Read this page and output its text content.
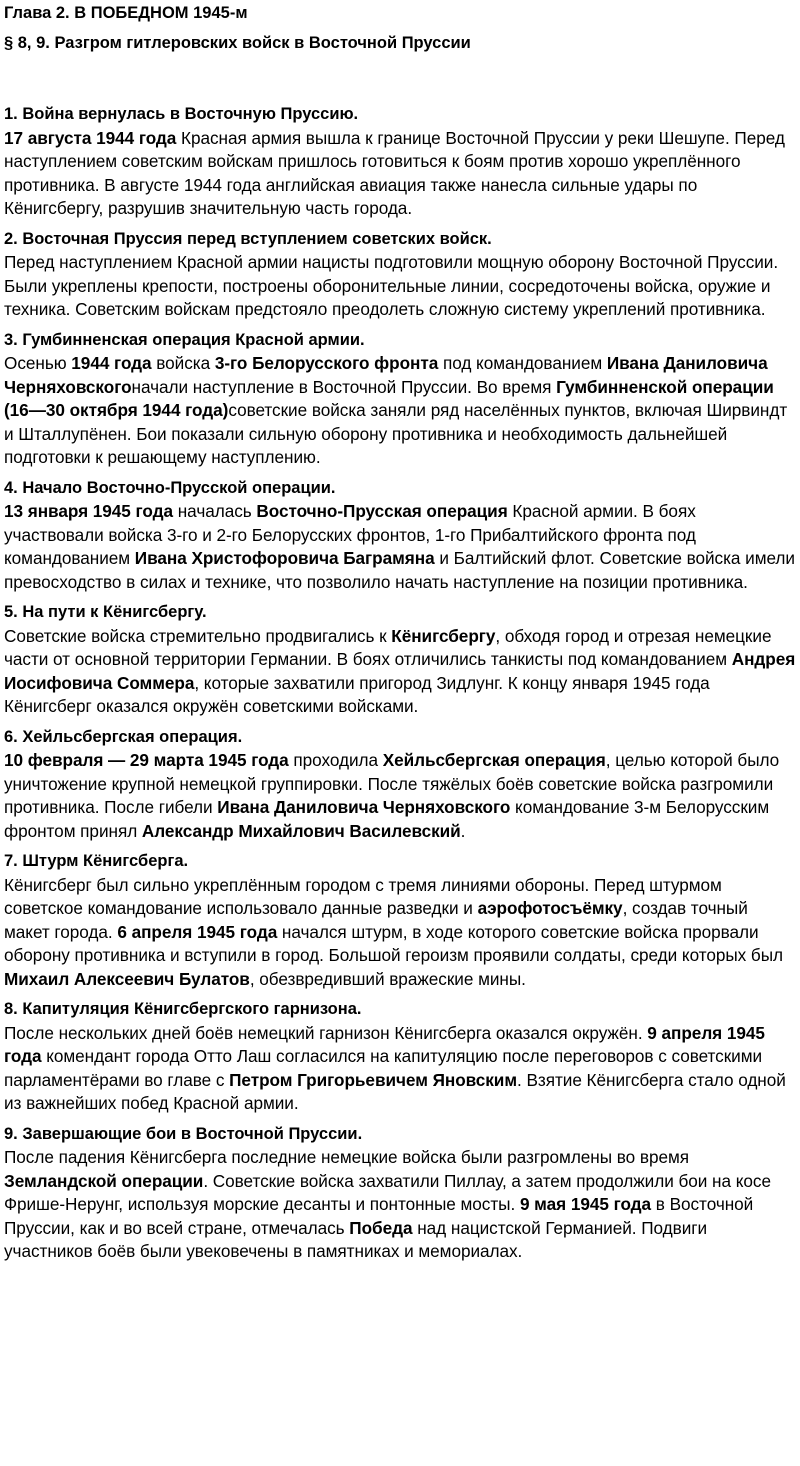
Глава 2. В ПОБЕДНОМ 1945-м
§ 8, 9. Разгром гитлеровских войск в Восточной Пруссии
1. Война вернулась в Восточную Пруссию.

17 августа 1944 года Красная армия вышла к границе Восточной Пруссии у реки Шешупе. Перед наступлением советским войскам пришлось готовиться к боям против хорошо укреплённого противника. В августе 1944 года английская авиация также нанесла сильные удары по Кёнигсбергу, разрушив значительную часть города.

2. Восточная Пруссия перед вступлением советских войск.

Перед наступлением Красной армии нацисты подготовили мощную оборону Восточной Пруссии. Были укреплены крепости, построены оборонительные линии, сосредоточены войска, оружие и техника. Советским войскам предстояло преодолеть сложную систему укреплений противника.

3. Гумбинненская операция Красной армии.

Осенью 1944 года войска 3-го Белорусского фронта под командованием Ивана Даниловича Черняховскогоначали наступление в Восточной Пруссии. Во время Гумбинненской операции (16—30 октября 1944 года)советские войска заняли ряд населённых пунктов, включая Ширвиндт и Шталлупёнен. Бои показали сильную оборону противника и необходимость дальнейшей подготовки к решающему наступлению.

4. Начало Восточно-Прусской операции.

13 января 1945 года началась Восточно-Прусская операция Красной армии. В боях участвовали войска 3-го и 2-го Белорусских фронтов, 1-го Прибалтийского фронта под командованием Ивана Христофоровича Баграмяна и Балтийский флот. Советские войска имели превосходство в силах и технике, что позволило начать наступление на позиции противника.

5. На пути к Кёнигсбергу.

Советские войска стремительно продвигались к Кёнигсбергу, обходя город и отрезая немецкие части от основной территории Германии. В боях отличились танкисты под командованием Андрея Иосифовича Соммера, которые захватили пригород Зидлунг. К концу января 1945 года Кёнигсберг оказался окружён советскими войсками.

6. Хейльсбергская операция.

10 февраля — 29 марта 1945 года проходила Хейльсбергская операция, целью которой было уничтожение крупной немецкой группировки. После тяжёлых боёв советские войска разгромили противника. После гибели Ивана Даниловича Черняховского командование 3-м Белорусским фронтом принял Александр Михайлович Василевский.

7. Штурм Кёнигсберга.

Кёнигсберг был сильно укреплённым городом с тремя линиями обороны. Перед штурмом советское командование использовало данные разведки и аэрофотосъёмку, создав точный макет города. 6 апреля 1945 года начался штурм, в ходе которого советские войска прорвали оборону противника и вступили в город. Большой героизм проявили солдаты, среди которых был Михаил Алексеевич Булатов, обезвредивший вражеские мины.

8. Капитуляция Кёнигсбергского гарнизона.

После нескольких дней боёв немецкий гарнизон Кёнигсберга оказался окружён. 9 апреля 1945 года комендант города Отто Лаш согласился на капитуляцию после переговоров с советскими парламентёрами во главе с Петром Григорьевичем Яновским. Взятие Кёнигсберга стало одной из важнейших побед Красной армии.

9. Завершающие бои в Восточной Пруссии.

После падения Кёнигсберга последние немецкие войска были разгромлены во время Земландской операции. Советские войска захватили Пиллау, а затем продолжили бои на косе Фрише-Нерунг, используя морские десанты и понтонные мосты. 9 мая 1945 года в Восточной Пруссии, как и во всей стране, отмечалась Победа над нацистской Германией. Подвиги участников боёв были увековечены в памятниках и мемориалах.
